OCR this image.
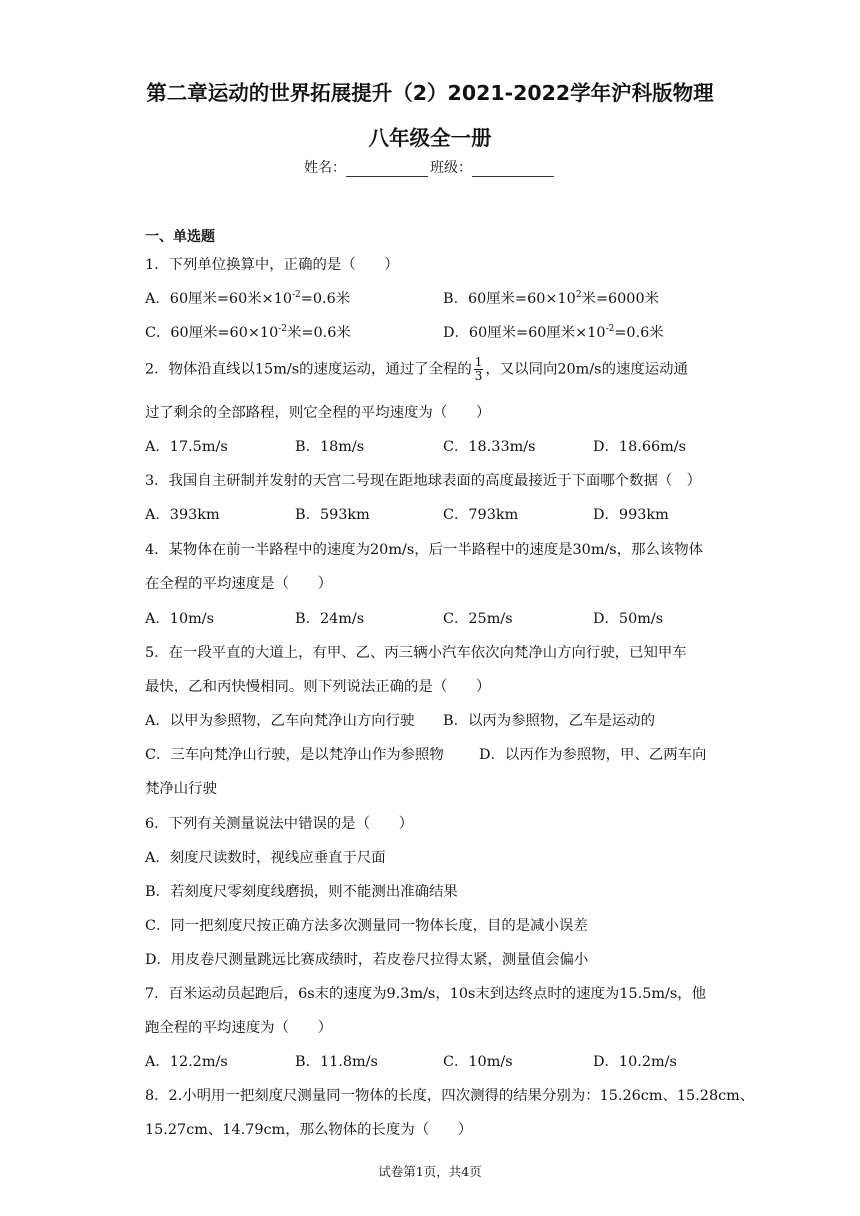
第二章运动的世界拓展提升（2）2021-2022学年沪科版物理
八年级全一册
姓名：	班级：
一、单选题
1．下列单位换算中，正确的是（　　）
A．60厘米=60米$\times 10^{-2}=0.6$米	B．60厘米$=60\times 10^2$米=6000米
C．60厘米$=60\times 10^{-2}$米=0.6米	D．60厘米=60厘米$\times 10^{-2}=0.6$米
2．物体沿直线以15m/s的速度运动，通过了全程的 $\frac{1}{3}$ ，又以同向20m/s的速度运动通
过了剩余的全部路程，则它全程的平均速度为（　　）
A．17.5m/s	B．18m/s	C．18.33m/s	D．18.66m/s
3．我国自主研制并发射的天宫二号现在距地球表面的高度最接近于下面哪个数据（　）
A．393km	B．593km	C．793km	D．993km
4．某物体在前一半路程中的速度为20m/s，后一半路程中的速度是30m/s，那么该物体
在全程的平均速度是（　　）
A．10m/s	B．24m/s	C．25m/s	D．50m/s
5．在一段平直的大道上，有甲、乙、丙三辆小汽车依次向梵净山方向行驶，已知甲车
最快，乙和丙快慢相同。则下列说法正确的是（　　）
A．以甲为参照物，乙车向梵净山方向行驶 B．以丙为参照物，乙车是运动的
C．三车向梵净山行驶，是以梵净山作为参照物 D．以丙作为参照物，甲、乙两车向
梵净山行驶
6．下列有关测量说法中错误的是（　　）
A．刻度尺读数时，视线应垂直于尺面
B．若刻度尺零刻度线磨损，则不能测出准确结果
C．同一把刻度尺按正确方法多次测量同一物体长度，目的是减小误差
D．用皮卷尺测量跳远比赛成绩时，若皮卷尺拉得太紧，测量值会偏小
7．百米运动员起跑后，6s末的速度为9.3m/s，10s末到达终点时的速度为15.5m/s，他
跑全程的平均速度为（　　）
A．12.2m/s	B．11.8m/s	C．10m/s	D．10.2m/s
8．2.小明用一把刻度尺测量同一物体的长度，四次测得的结果分别为：15.26cm、15.28cm、
15.27cm、14.79cm，那么物体的长度为（　　）
试卷第1页，共4页
